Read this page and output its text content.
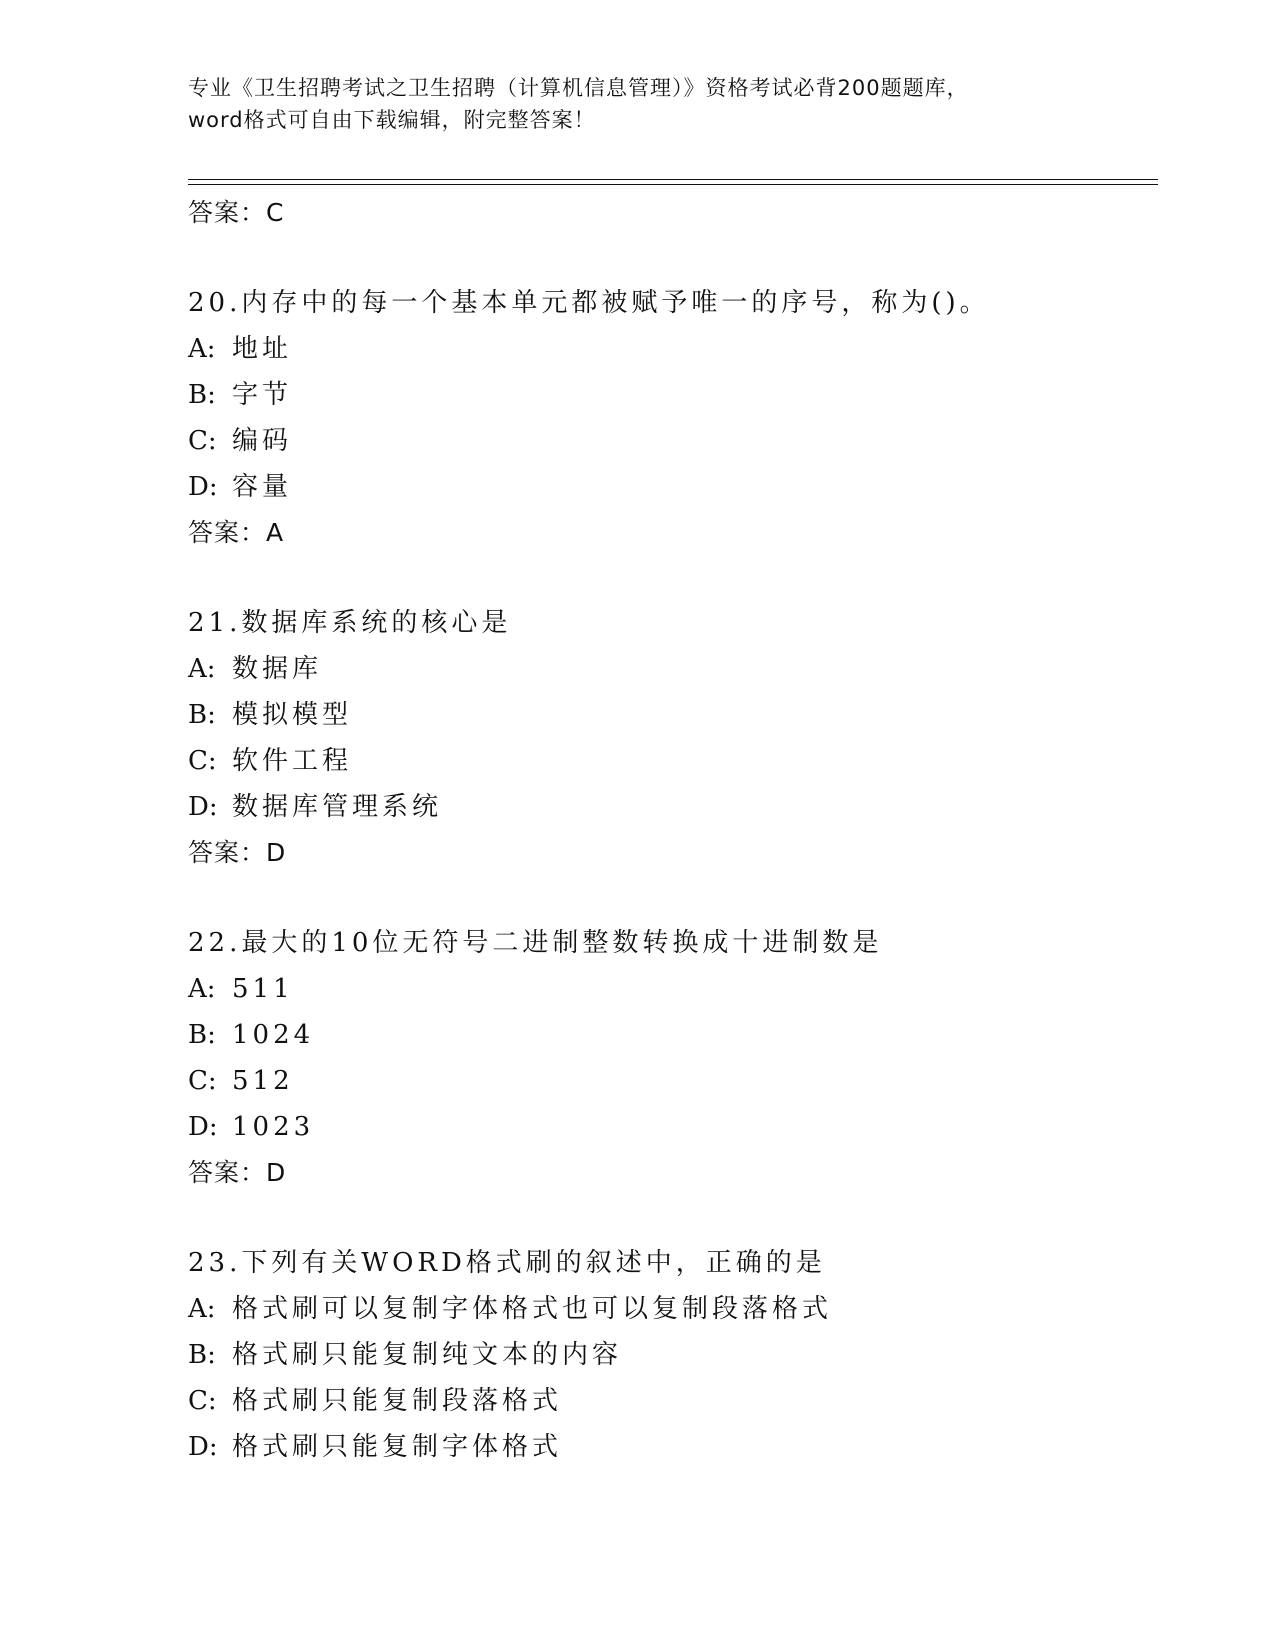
专业《卫生招聘考试之卫生招聘（计算机信息管理）》资格考试必背200题题库，
word格式可自由下载编辑，附完整答案！
答案：C
20.内存中的每一个基本单元都被赋予唯一的序号，称为()。
A: 地址
B: 字节
C: 编码
D: 容量
答案：A
21.数据库系统的核心是
A: 数据库
B: 模拟模型
C: 软件工程
D: 数据库管理系统
答案：D
22.最大的10位无符号二进制整数转换成十进制数是
A: 511
B: 1024
C: 512
D: 1023
答案：D
23.下列有关WORD格式刷的叙述中，正确的是
A: 格式刷可以复制字体格式也可以复制段落格式
B: 格式刷只能复制纯文本的内容
C: 格式刷只能复制段落格式
D: 格式刷只能复制字体格式
